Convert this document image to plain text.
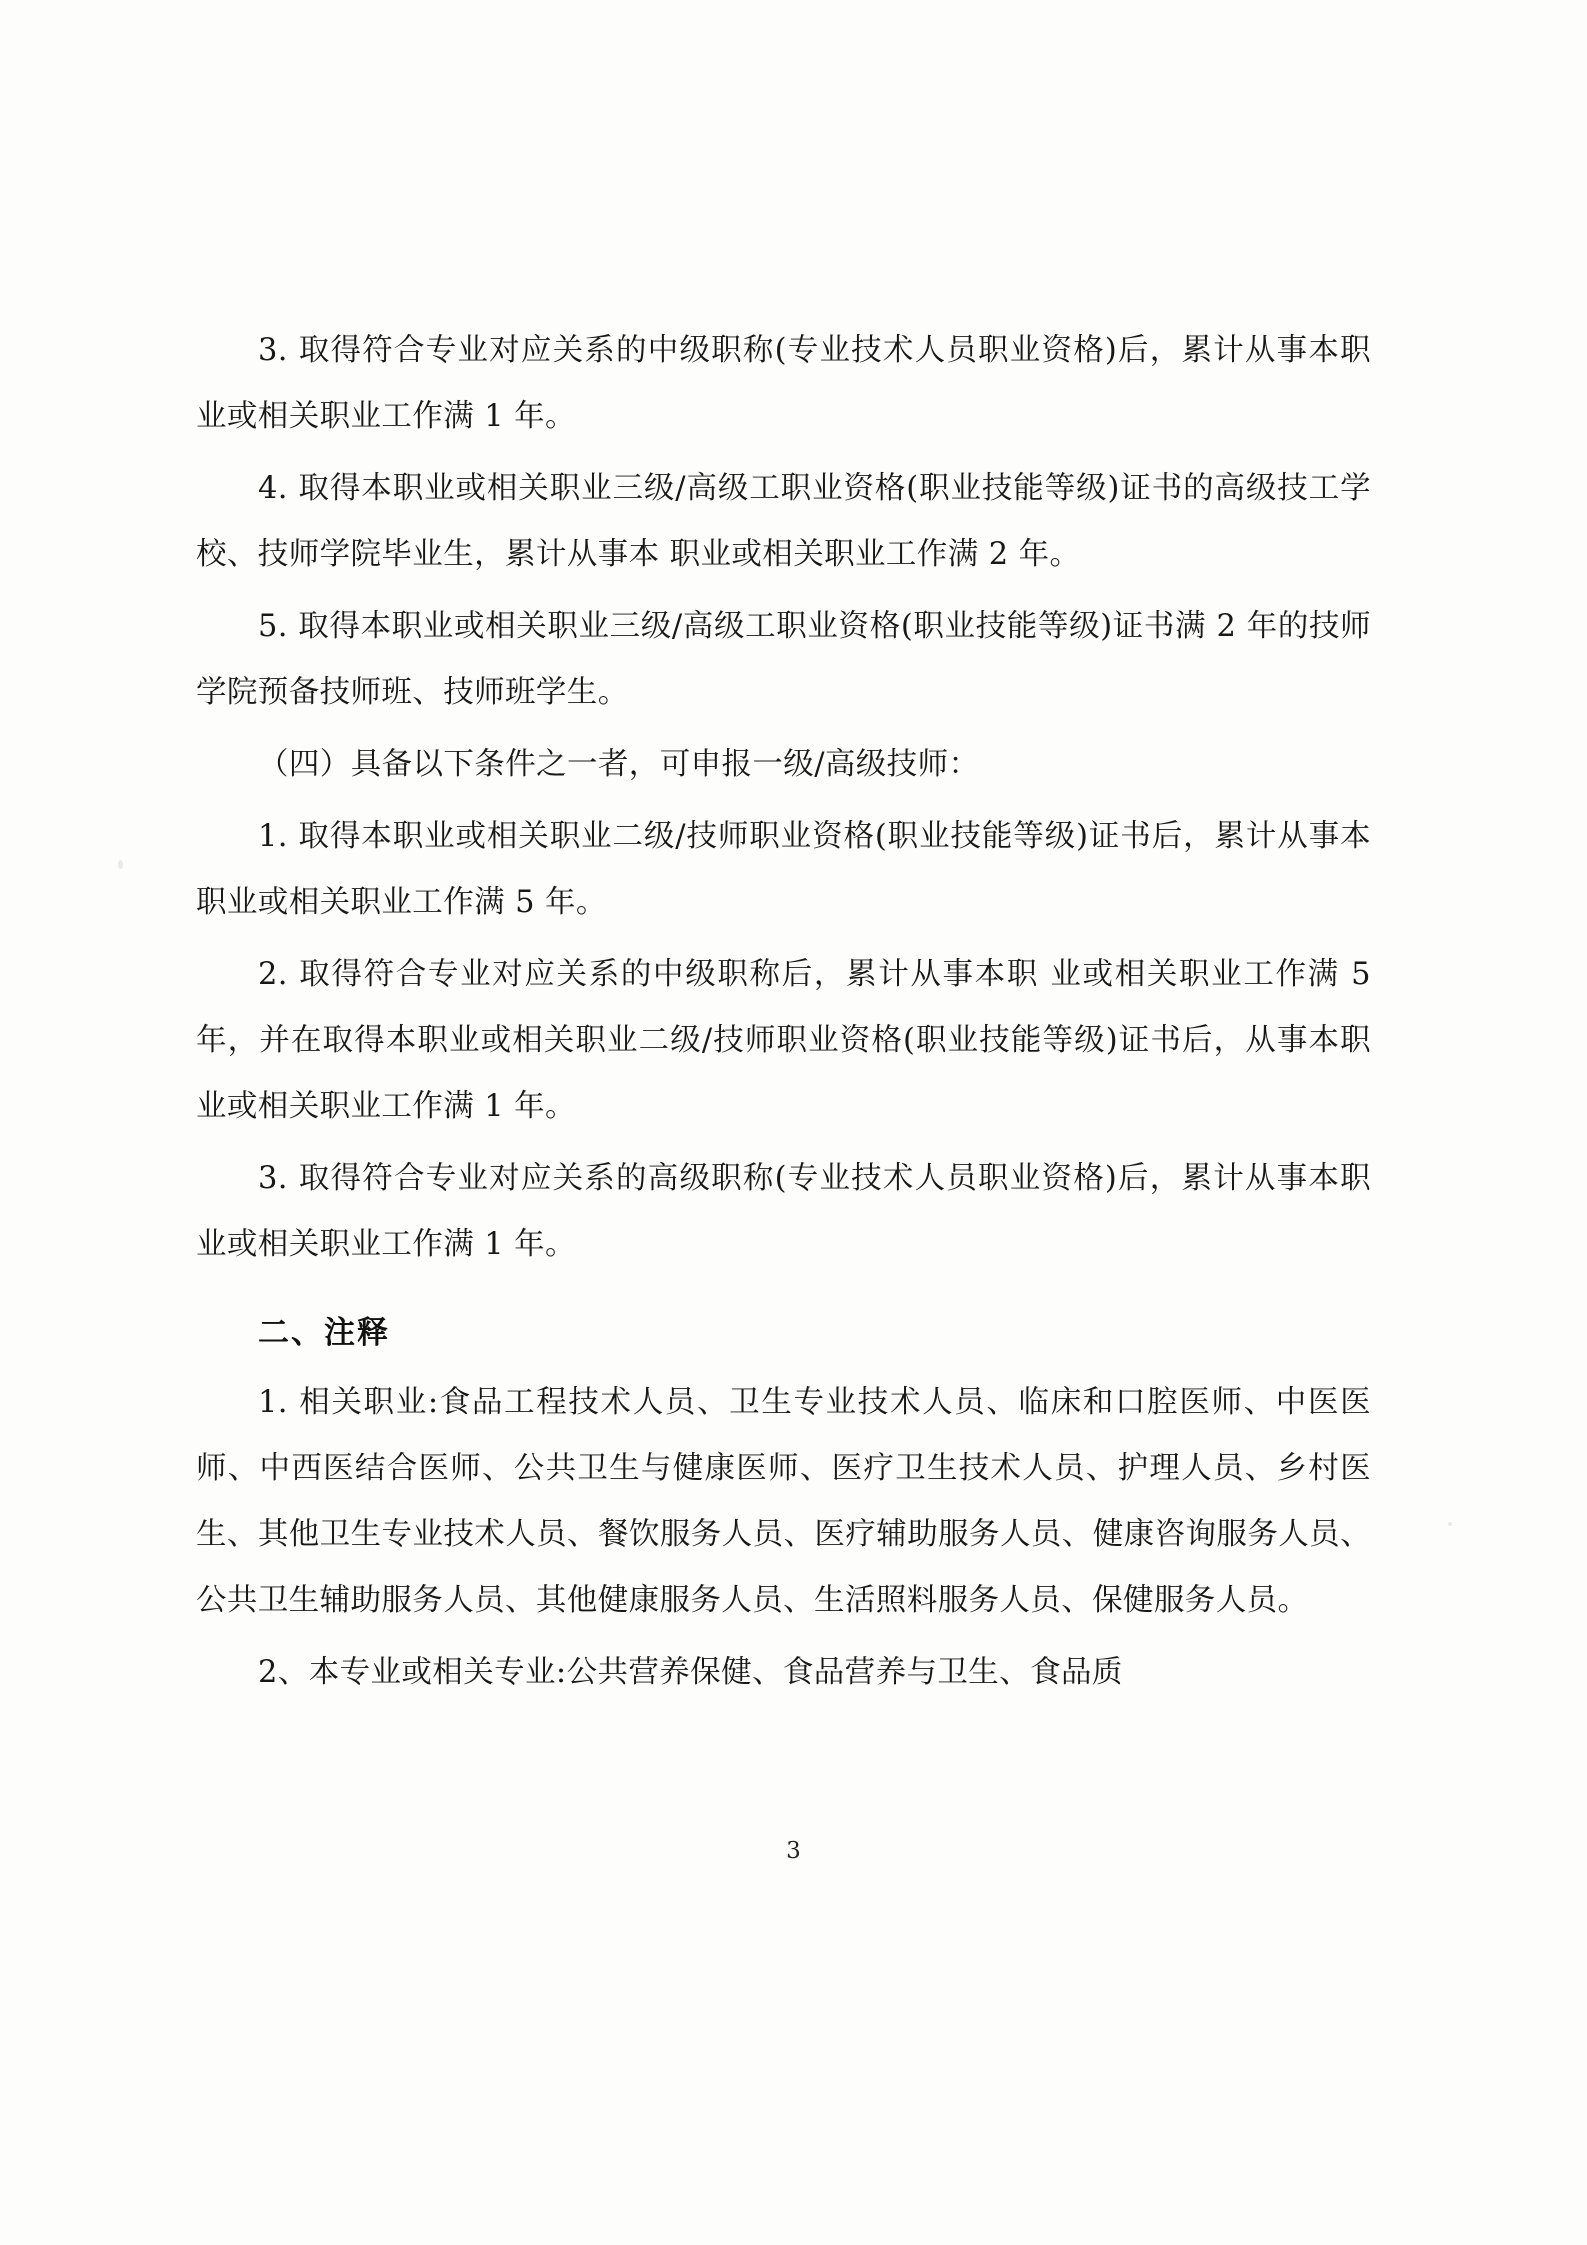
3. 取得符合专业对应关系的中级职称(专业技术人员职业资格)后，累计从事本职业或相关职业工作满 1 年。

4. 取得本职业或相关职业三级/高级工职业资格(职业技能等级)证书的高级技工学校、技师学院毕业生，累计从事本 职业或相关职业工作满 2 年。

5. 取得本职业或相关职业三级/高级工职业资格(职业技能等级)证书满 2 年的技师学院预备技师班、技师班学生。

（四）具备以下条件之一者，可申报一级/高级技师：

1. 取得本职业或相关职业二级/技师职业资格(职业技能等级)证书后，累计从事本职业或相关职业工作满 5 年。

2. 取得符合专业对应关系的中级职称后，累计从事本职 业或相关职业工作满 5 年，并在取得本职业或相关职业二级/技师职业资格(职业技能等级)证书后，从事本职业或相关职业工作满 1 年。

3. 取得符合专业对应关系的高级职称(专业技术人员职业资格)后，累计从事本职业或相关职业工作满 1 年。

二、注释

1. 相关职业:食品工程技术人员、卫生专业技术人员、临床和口腔医师、中医医师、中西医结合医师、公共卫生与健康医师、医疗卫生技术人员、护理人员、乡村医生、其他卫生专业技术人员、餐饮服务人员、医疗辅助服务人员、健康咨询服务人员、公共卫生辅助服务人员、其他健康服务人员、生活照料服务人员、保健服务人员。

2、本专业或相关专业:公共营养保健、食品营养与卫生、食品质

3
